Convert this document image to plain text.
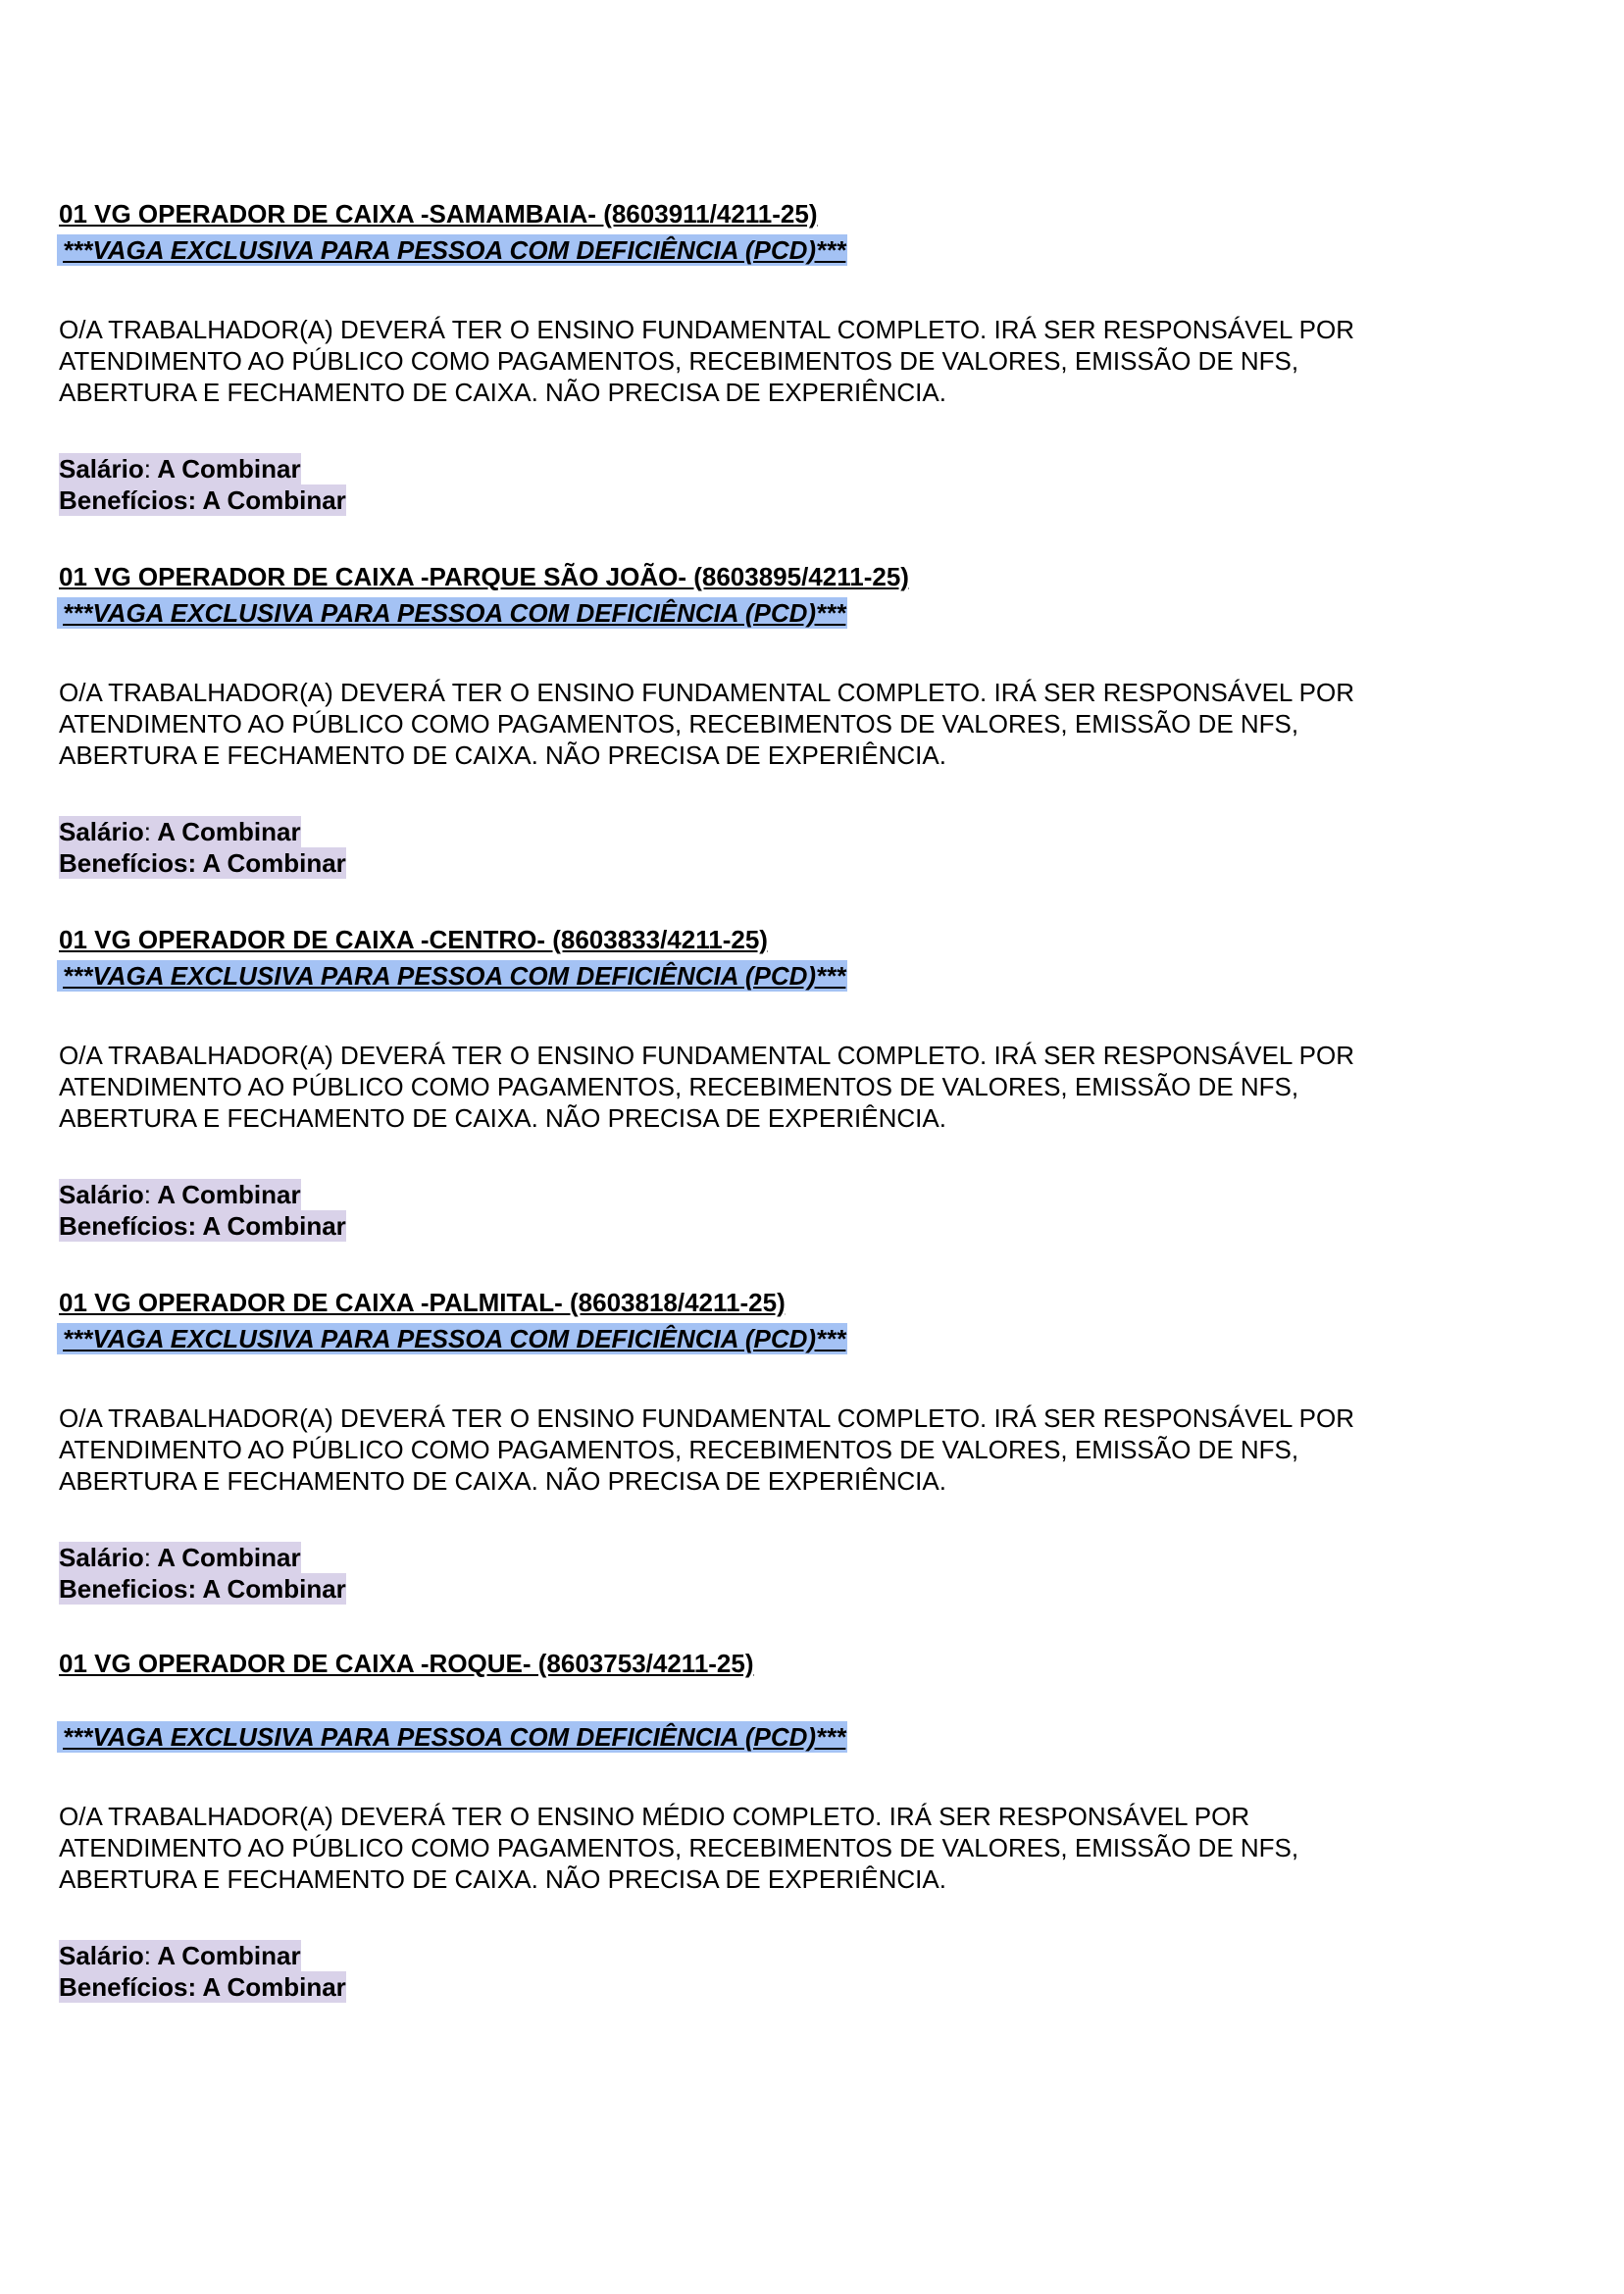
01 VG OPERADOR DE CAIXA -SAMAMBAIA- (8603911/4211-25)
***VAGA EXCLUSIVA PARA PESSOA COM DEFICIÊNCIA (PCD)***
O/A TRABALHADOR(A) DEVERÁ TER O ENSINO FUNDAMENTAL COMPLETO. IRÁ SER RESPONSÁVEL POR
ATENDIMENTO AO PÚBLICO COMO PAGAMENTOS, RECEBIMENTOS DE VALORES, EMISSÃO DE NFS,
ABERTURA E FECHAMENTO DE CAIXA. NÃO PRECISA DE EXPERIÊNCIA.
Salário: A Combinar
Benefícios: A Combinar
01 VG OPERADOR DE CAIXA -PARQUE SÃO JOÃO- (8603895/4211-25)
***VAGA EXCLUSIVA PARA PESSOA COM DEFICIÊNCIA (PCD)***
O/A TRABALHADOR(A) DEVERÁ TER O ENSINO FUNDAMENTAL COMPLETO. IRÁ SER RESPONSÁVEL POR
ATENDIMENTO AO PÚBLICO COMO PAGAMENTOS, RECEBIMENTOS DE VALORES, EMISSÃO DE NFS,
ABERTURA E FECHAMENTO DE CAIXA. NÃO PRECISA DE EXPERIÊNCIA.
Salário: A Combinar
Benefícios: A Combinar
01 VG OPERADOR DE CAIXA -CENTRO- (8603833/4211-25)
***VAGA EXCLUSIVA PARA PESSOA COM DEFICIÊNCIA (PCD)***
O/A TRABALHADOR(A) DEVERÁ TER O ENSINO FUNDAMENTAL COMPLETO. IRÁ SER RESPONSÁVEL POR
ATENDIMENTO AO PÚBLICO COMO PAGAMENTOS, RECEBIMENTOS DE VALORES, EMISSÃO DE NFS,
ABERTURA E FECHAMENTO DE CAIXA. NÃO PRECISA DE EXPERIÊNCIA.
Salário: A Combinar
Benefícios: A Combinar
01 VG OPERADOR DE CAIXA -PALMITAL- (8603818/4211-25)
***VAGA EXCLUSIVA PARA PESSOA COM DEFICIÊNCIA (PCD)***
O/A TRABALHADOR(A) DEVERÁ TER O ENSINO FUNDAMENTAL COMPLETO. IRÁ SER RESPONSÁVEL POR
ATENDIMENTO AO PÚBLICO COMO PAGAMENTOS, RECEBIMENTOS DE VALORES, EMISSÃO DE NFS,
ABERTURA E FECHAMENTO DE CAIXA. NÃO PRECISA DE EXPERIÊNCIA.
Salário: A Combinar
Beneficios: A Combinar
01 VG OPERADOR DE CAIXA -ROQUE- (8603753/4211-25)
***VAGA EXCLUSIVA PARA PESSOA COM DEFICIÊNCIA (PCD)***
O/A TRABALHADOR(A) DEVERÁ TER O ENSINO MÉDIO COMPLETO. IRÁ SER RESPONSÁVEL POR
ATENDIMENTO AO PÚBLICO COMO PAGAMENTOS, RECEBIMENTOS DE VALORES, EMISSÃO DE NFS,
ABERTURA E FECHAMENTO DE CAIXA. NÃO PRECISA DE EXPERIÊNCIA.
Salário: A Combinar
Benefícios: A Combinar
